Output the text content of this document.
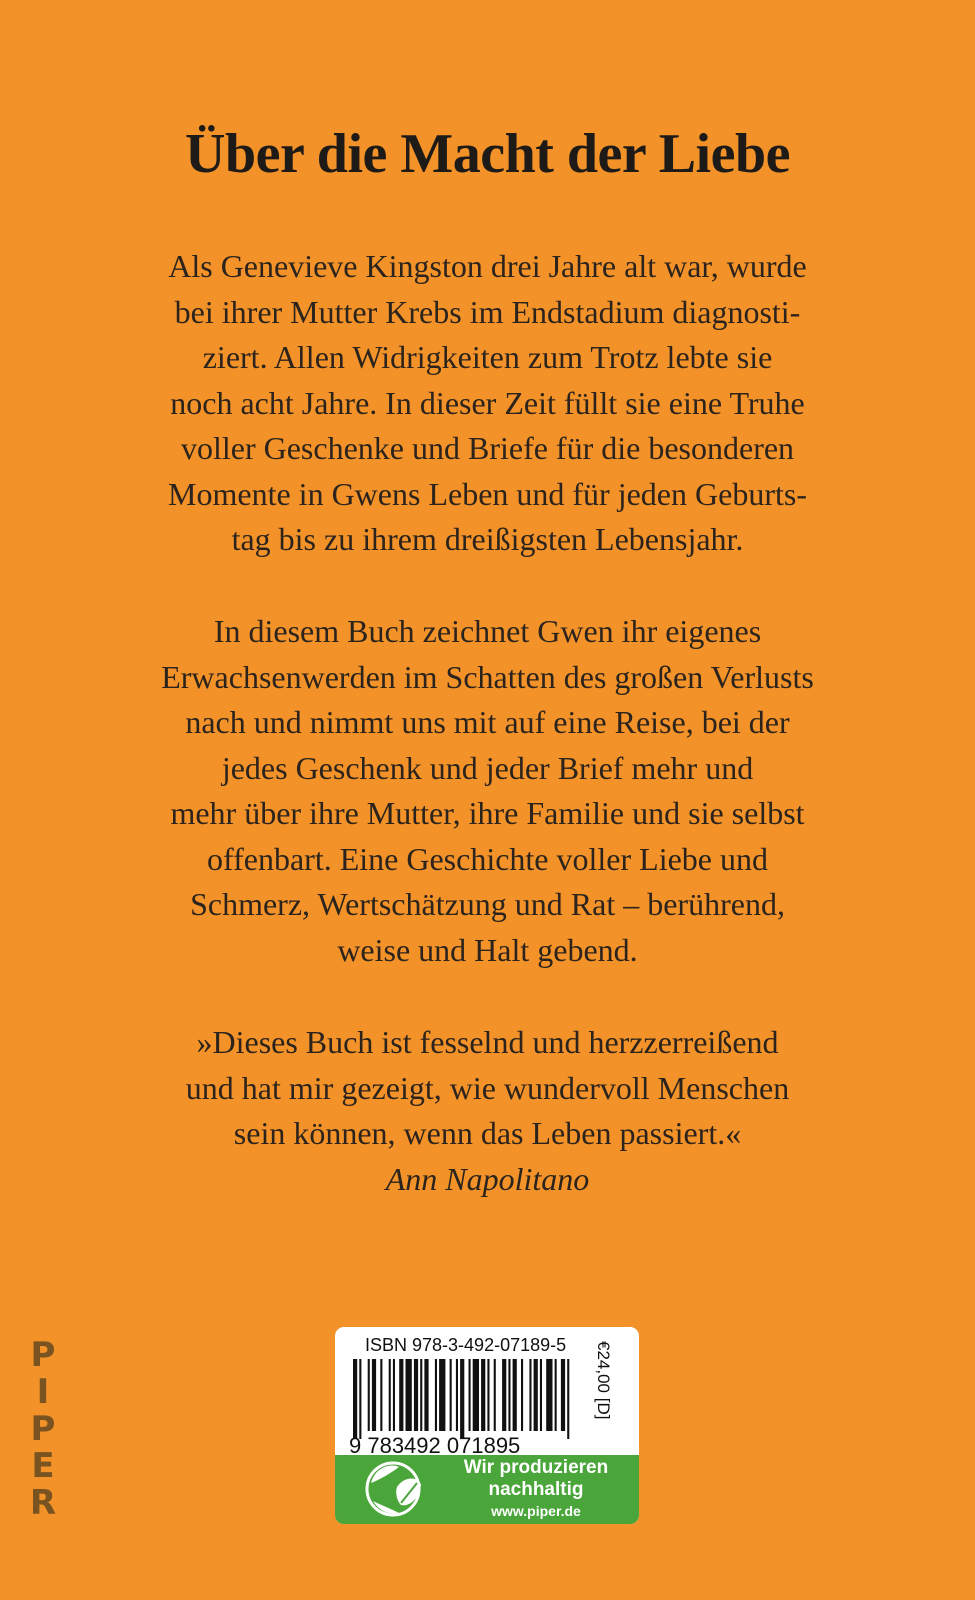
Über die Macht der Liebe

Als Genevieve Kingston drei Jahre alt war, wurde
bei ihrer Mutter Krebs im Endstadium diagnosti-
ziert. Allen Widrigkeiten zum Trotz lebte sie
noch acht Jahre. In dieser Zeit füllt sie eine Truhe
voller Geschenke und Briefe für die besonderen
Momente in Gwens Leben und für jeden Geburts-
tag bis zu ihrem dreißigsten Lebensjahr.

In diesem Buch zeichnet Gwen ihr eigenes
Erwachsenwerden im Schatten des großen Verlusts
nach und nimmt uns mit auf eine Reise, bei der
jedes Geschenk und jeder Brief mehr und
mehr über ihre Mutter, ihre Familie und sie selbst
offenbart. Eine Geschichte voller Liebe und
Schmerz, Wertschätzung und Rat – berührend,
weise und Halt gebend.

»Dieses Buch ist fesselnd und herzzerreißend
und hat mir gezeigt, wie wundervoll Menschen
sein können, wenn das Leben passiert.«
Ann Napolitano

PIPER	ISBN 978-3-492-07189-5
9 783492 071895
€24,00 [D]
Wir produzieren
nachhaltig
www.piper.de
